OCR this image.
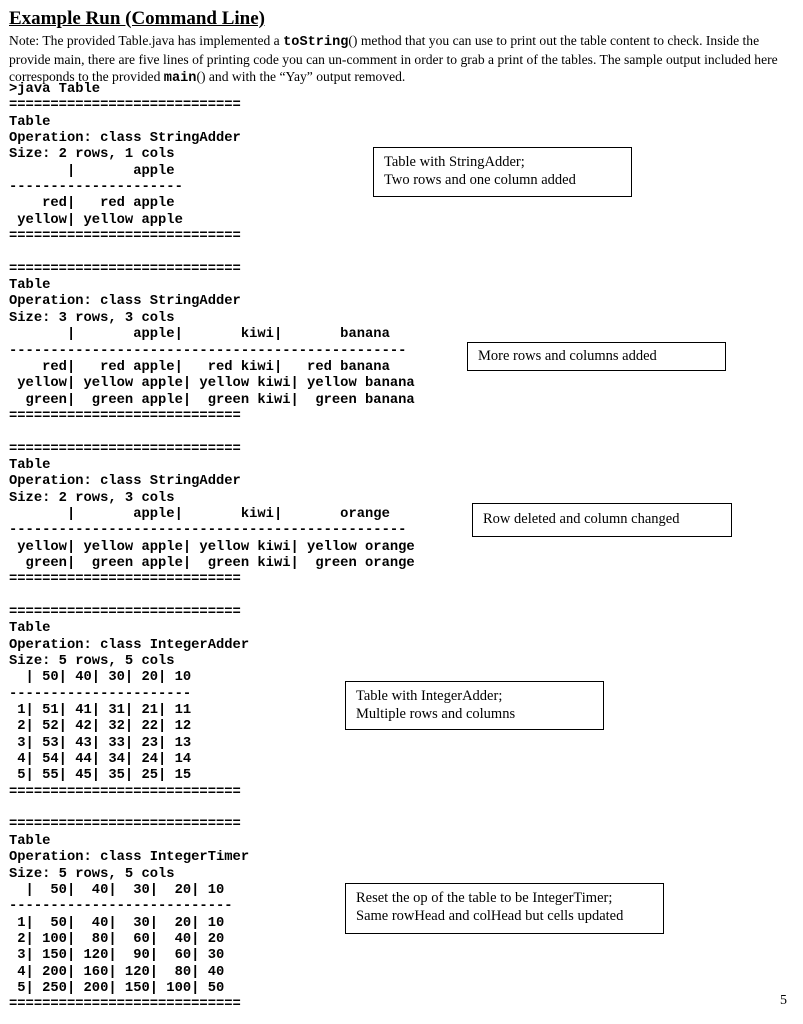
Example Run (Command Line)
Note: The provided Table.java has implemented a toString() method that you can use to print out the table content to check. Inside the provide main, there are five lines of printing code you can un-comment in order to grab a print of the tables. The sample output included here corresponds to the provided main() and with the “Yay” output removed.
>java Table
============================
Table
Operation: class StringAdder
Size: 2 rows, 1 cols
|       apple
---------------------
red|   red apple
yellow| yellow apple
============================
============================
Table
Operation: class StringAdder
Size: 3 rows, 3 cols
|       apple|       kiwi|       banana
------------------------------------------------
red|   red apple|   red kiwi|   red banana
yellow| yellow apple| yellow kiwi| yellow banana
green|  green apple|  green kiwi|  green banana
============================
============================
Table
Operation: class StringAdder
Size: 2 rows, 3 cols
|       apple|       kiwi|       orange
------------------------------------------------
yellow| yellow apple| yellow kiwi| yellow orange
green|  green apple|  green kiwi|  green orange
============================
============================
Table
Operation: class IntegerAdder
Size: 5 rows, 5 cols
| 50| 40| 30| 20| 10
----------------------
1| 51| 41| 31| 21| 11
2| 52| 42| 32| 22| 12
3| 53| 43| 33| 23| 13
4| 54| 44| 34| 24| 14
5| 55| 45| 35| 25| 15
============================
============================
Table
Operation: class IntegerTimer
Size: 5 rows, 5 cols
|  50|  40|  30|  20| 10
---------------------------
1|  50|  40|  30|  20| 10
2| 100|  80|  60|  40| 20
3| 150| 120|  90|  60| 30
4| 200| 160| 120|  80| 40
5| 250| 200| 150| 100| 50
============================
Table with StringAdder;
Two rows and one column added
More rows and columns added
Row deleted and column changed
Table with IntegerAdder;
Multiple rows and columns
Reset the op of the table to be IntegerTimer;
Same rowHead and colHead but cells updated
5
